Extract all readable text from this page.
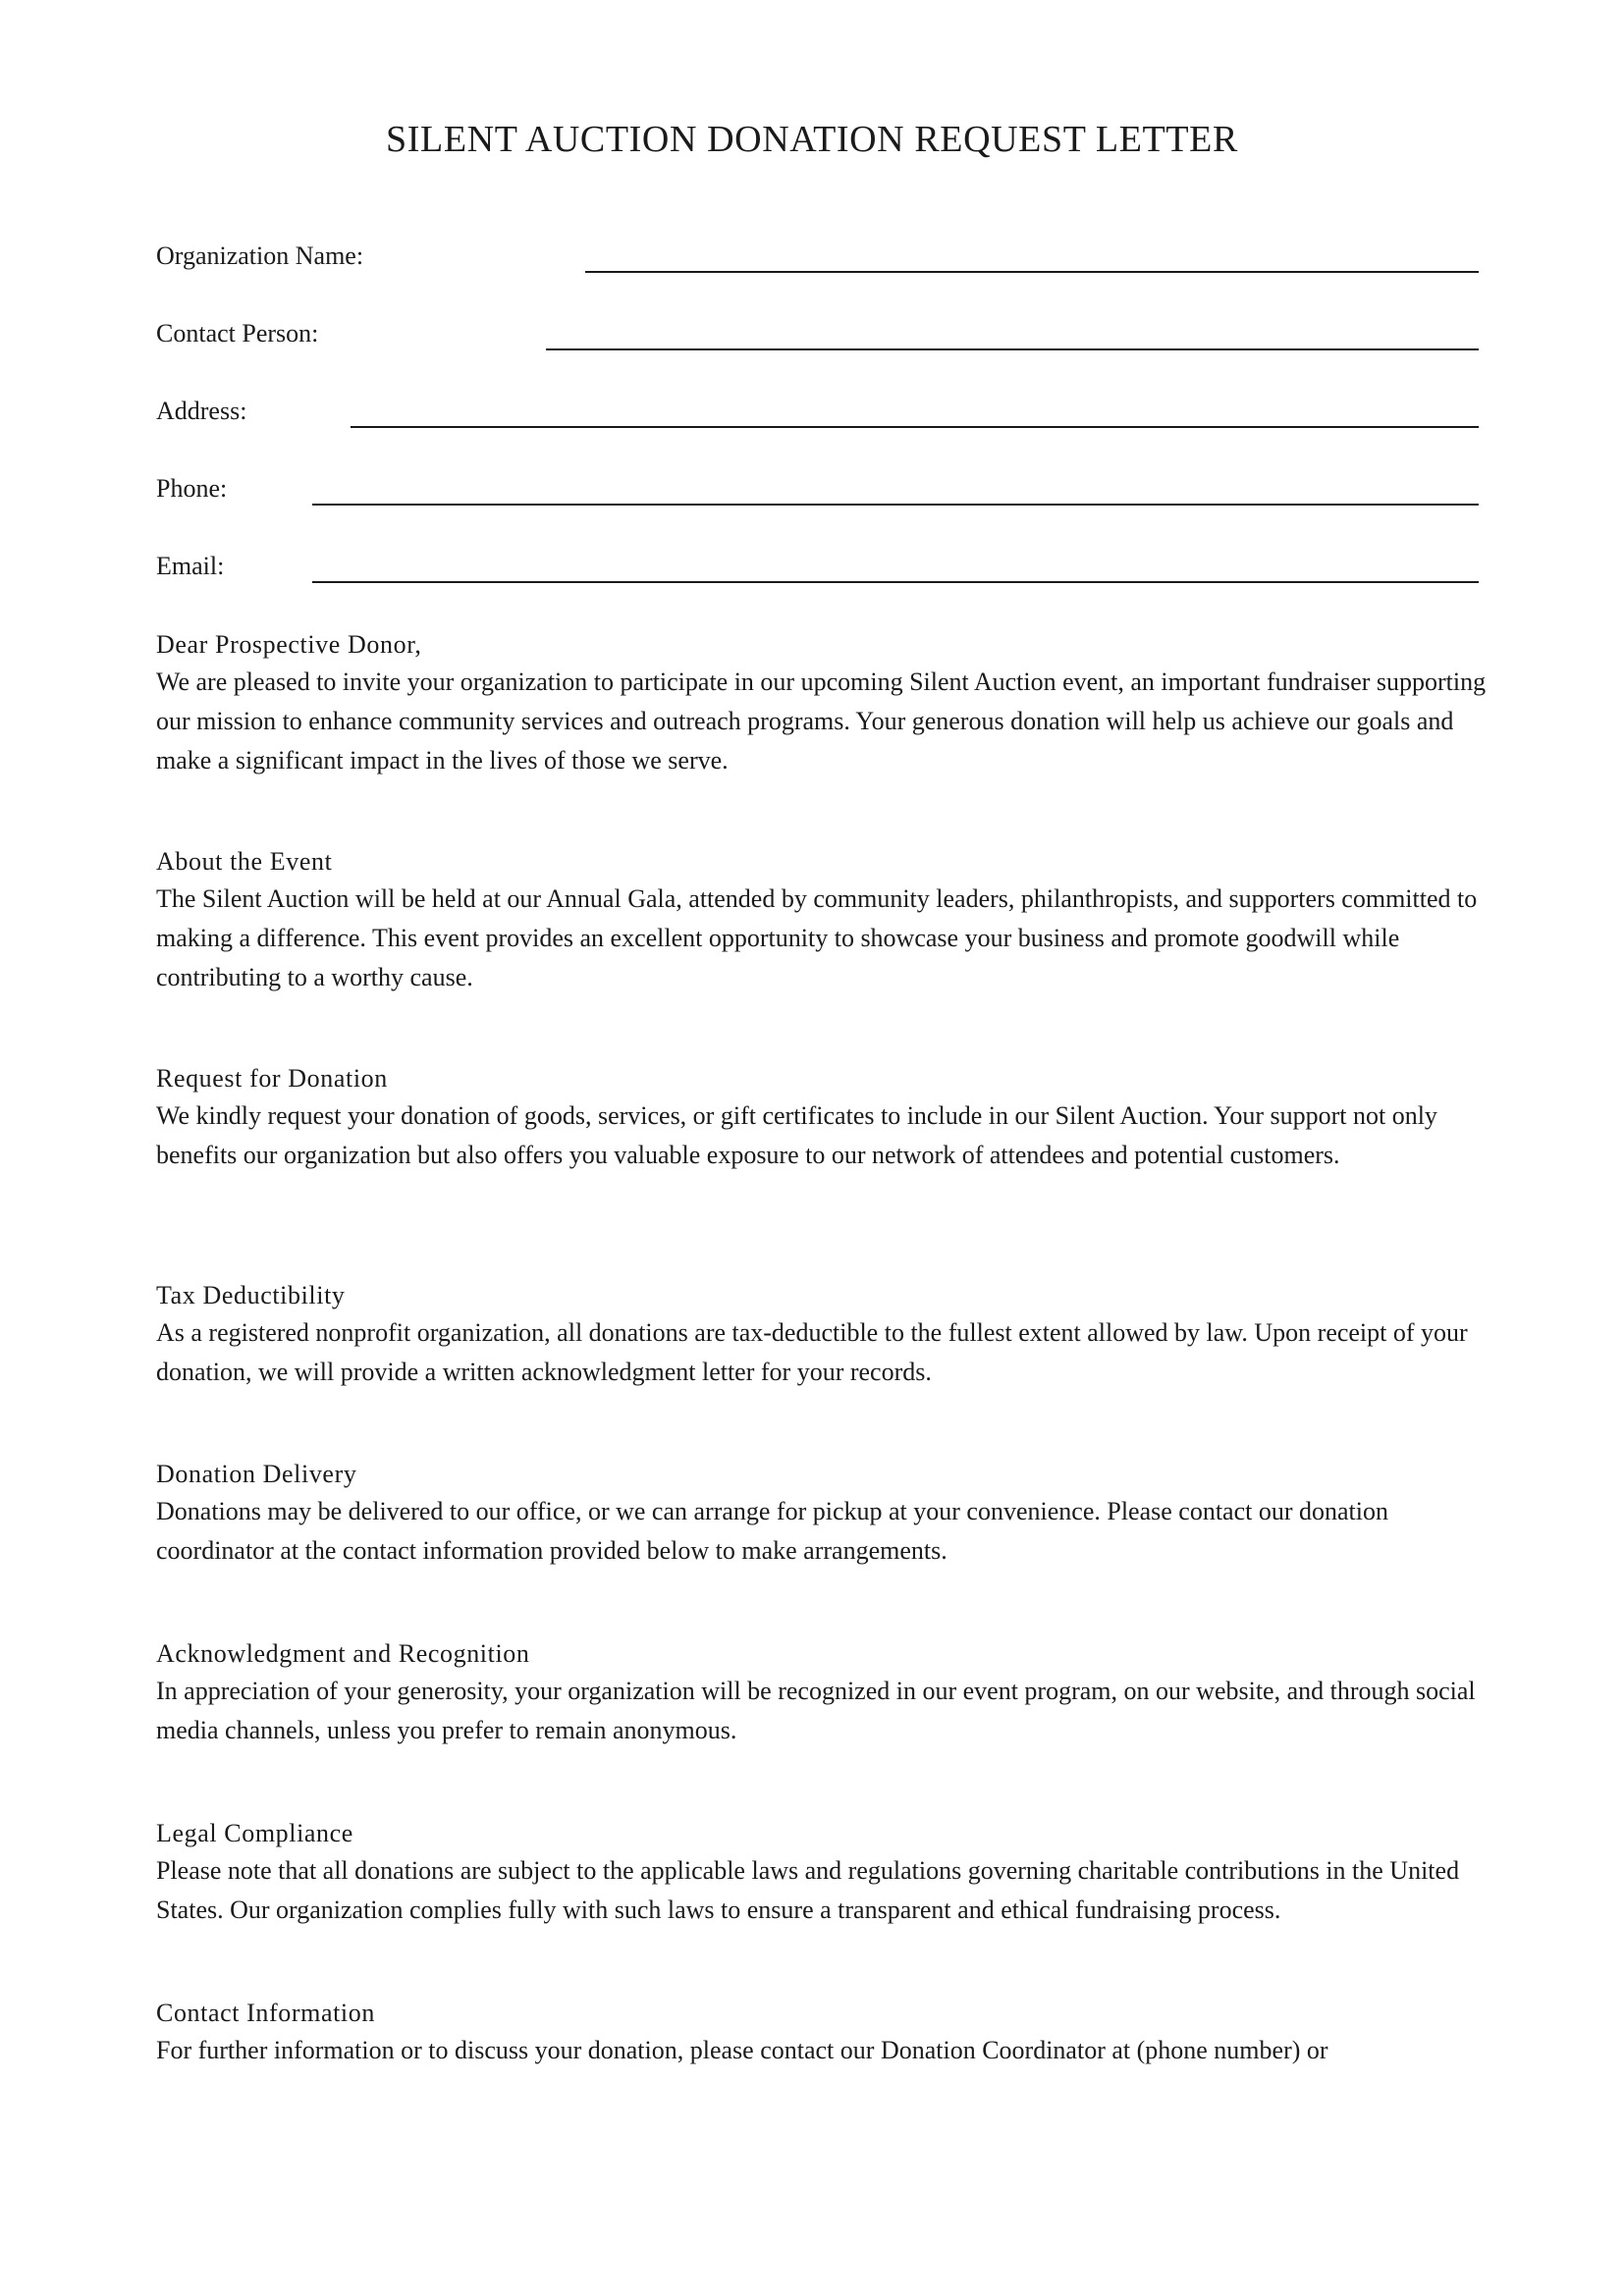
SILENT AUCTION DONATION REQUEST LETTER
Organization Name:
Contact Person:
Address:
Phone:
Email:
Dear Prospective Donor,

We are pleased to invite your organization to participate in our upcoming Silent Auction event, an important fundraiser supporting our mission to enhance community services and outreach programs. Your generous donation will help us achieve our goals and make a significant impact in the lives of those we serve.

About the Event

The Silent Auction will be held at our Annual Gala, attended by community leaders, philanthropists, and supporters committed to making a difference. This event provides an excellent opportunity to showcase your business and promote goodwill while contributing to a worthy cause.

Request for Donation

We kindly request your donation of goods, services, or gift certificates to include in our Silent Auction. Your support not only benefits our organization but also offers you valuable exposure to our network of attendees and potential customers.

Tax Deductibility

As a registered nonprofit organization, all donations are tax-deductible to the fullest extent allowed by law. Upon receipt of your donation, we will provide a written acknowledgment letter for your records.

Donation Delivery

Donations may be delivered to our office, or we can arrange for pickup at your convenience. Please contact our donation coordinator at the contact information provided below to make arrangements.

Acknowledgment and Recognition

In appreciation of your generosity, your organization will be recognized in our event program, on our website, and through social media channels, unless you prefer to remain anonymous.

Legal Compliance

Please note that all donations are subject to the applicable laws and regulations governing charitable contributions in the United States. Our organization complies fully with such laws to ensure a transparent and ethical fundraising process.

Contact Information

For further information or to discuss your donation, please contact our Donation Coordinator at (phone number) or
